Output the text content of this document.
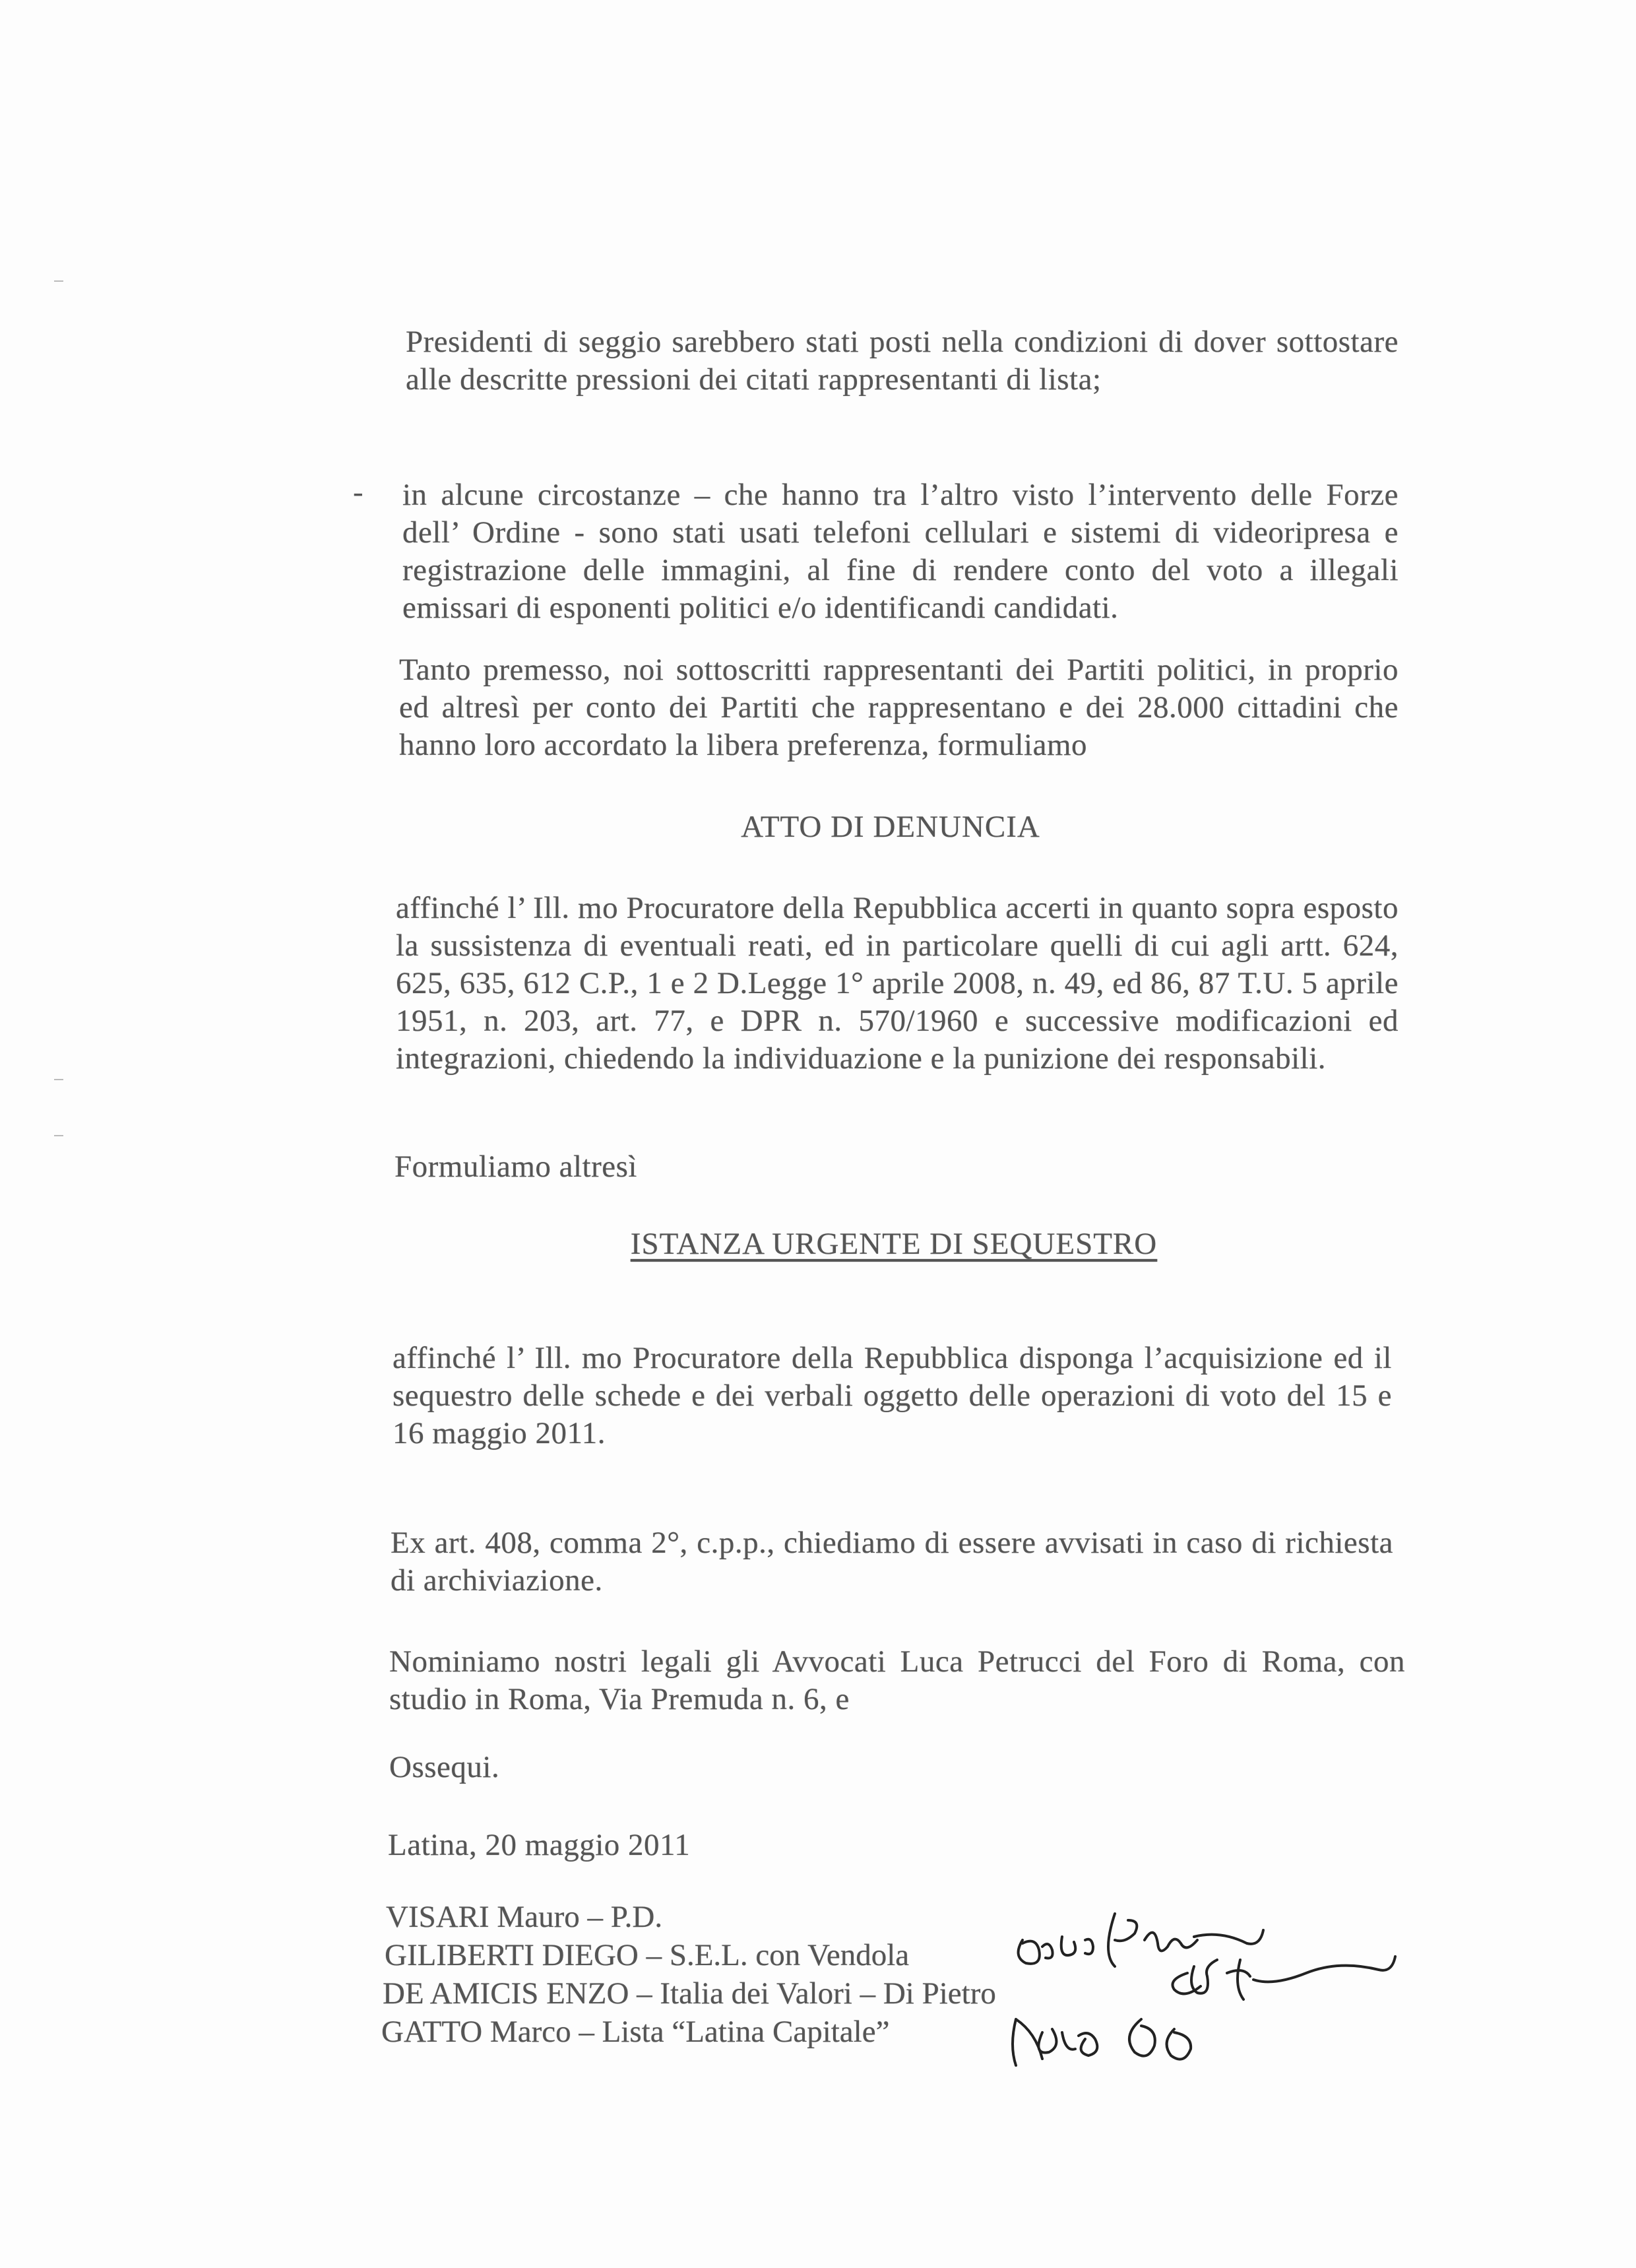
Presidenti di seggio sarebbero stati posti nella condizioni di dover sottostare alle descritte pressioni dei citati rappresentanti di lista;
- in alcune circostanze – che hanno tra l’altro visto l’intervento delle Forze dell’ Ordine - sono stati usati telefoni cellulari e sistemi di videoripresa e registrazione delle immagini, al fine di rendere conto del voto a illegali emissari di esponenti politici e/o identificandi candidati.
Tanto premesso, noi sottoscritti rappresentanti dei Partiti politici, in proprio ed altresì per conto dei Partiti che rappresentano e dei 28.000 cittadini che hanno loro accordato la libera preferenza, formuliamo
ATTO DI DENUNCIA
affinché l’ Ill. mo Procuratore della Repubblica accerti in quanto sopra esposto la sussistenza di eventuali reati, ed in particolare quelli di cui agli artt. 624, 625, 635, 612 C.P., 1 e 2 D.Legge 1° aprile 2008, n. 49, ed 86, 87 T.U. 5 aprile 1951, n. 203, art. 77, e DPR n. 570/1960 e successive modificazioni ed integrazioni, chiedendo la individuazione e la punizione dei responsabili.
Formuliamo altresì
ISTANZA URGENTE DI SEQUESTRO
affinché l’ Ill. mo Procuratore della Repubblica disponga l’acquisizione ed il sequestro delle schede e dei verbali oggetto delle operazioni di voto del 15 e 16 maggio 2011.
Ex art. 408, comma 2°, c.p.p., chiediamo di essere avvisati in caso di richiesta di archiviazione.
Nominiamo nostri legali gli Avvocati Luca Petrucci del Foro di Roma, con studio in Roma, Via Premuda n. 6, e
Ossequi.
Latina, 20 maggio 2011
VISARI Mauro – P.D.
GILIBERTI DIEGO – S.E.L. con Vendola
DE AMICIS ENZO – Italia dei Valori – Di Pietro
GATTO Marco – Lista “Latina Capitale”
